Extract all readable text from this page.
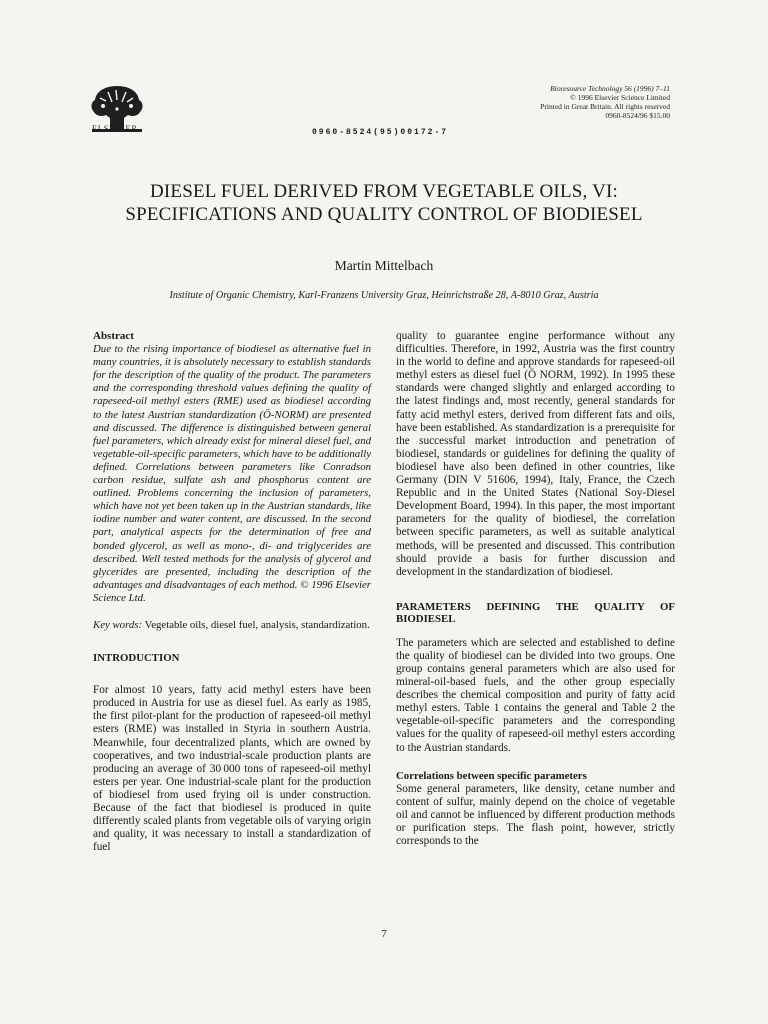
ELSEVIER	0960-8524(95)00172-7
Bioresource Technology 56 (1996) 7–11
© 1996 Elsevier Science Limited
Printed in Great Britain. All rights reserved
0960-8524/96 $15.00
DIESEL FUEL DERIVED FROM VEGETABLE OILS, VI:
SPECIFICATIONS AND QUALITY CONTROL OF BIODIESEL
Martin Mittelbach
Institute of Organic Chemistry, Karl-Franzens University Graz, Heinrichstraße 28, A-8010 Graz, Austria

Abstract

Due to the rising importance of biodiesel as alternative fuel in many countries, it is absolutely necessary to establish standards for the description of the quality of the product. The parameters and the corresponding threshold values defining the quality of rapeseed-oil methyl esters (RME) used as biodiesel according to the latest Austrian standardization (Ö-NORM) are presented and discussed. The difference is distinguished between general fuel parameters, which already exist for mineral diesel fuel, and vegetable-oil-specific parameters, which have to be additionally defined. Correlations between parameters like Conradson carbon residue, sulfate ash and phosphorus content are outlined. Problems concerning the inclusion of parameters, which have not yet been taken up in the Austrian standards, like iodine number and water content, are discussed. In the second part, analytical aspects for the determination of free and bonded glycerol, as well as mono-, di- and triglycerides are described. Well tested methods for the analysis of glycerol and glycerides are presented, including the description of the advantages and disadvantages of each method. © 1996 Elsevier Science Ltd.

Key words: Vegetable oils, diesel fuel, analysis, standardization.

INTRODUCTION

For almost 10 years, fatty acid methyl esters have been produced in Austria for use as diesel fuel. As early as 1985, the first pilot-plant for the production of rapeseed-oil methyl esters (RME) was installed in Styria in southern Austria. Meanwhile, four decentralized plants, which are owned by cooperatives, and two industrial-scale production plants are producing an average of 30 000 tons of rapeseed-oil methyl esters per year. One industrial-scale plant for the production of biodiesel from used frying oil is under construction. Because of the fact that biodiesel is produced in quite differently scaled plants from vegetable oils of varying origin and quality, it was necessary to install a standardization of fuel

quality to guarantee engine performance without any difficulties. Therefore, in 1992, Austria was the first country in the world to define and approve standards for rapeseed-oil methyl esters as diesel fuel (Ö NORM, 1992). In 1995 these standards were changed slightly and enlarged according to the latest findings and, most recently, general standards for fatty acid methyl esters, derived from different fats and oils, have been established. As standardization is a prerequisite for the successful market introduction and penetration of biodiesel, standards or guidelines for defining the quality of biodiesel have also been defined in other countries, like Germany (DIN V 51606, 1994), Italy, France, the Czech Republic and in the United States (National Soy-Diesel Development Board, 1994). In this paper, the most important parameters for the quality of biodiesel, the correlation between specific parameters, as well as suitable analytical methods, will be presented and discussed. This contribution should provide a basis for further discussion and development in the standardization of biodiesel.

PARAMETERS DEFINING THE QUALITY OF BIODIESEL

The parameters which are selected and established to define the quality of biodiesel can be divided into two groups. One group contains general parameters which are also used for mineral-oil-based fuels, and the other group especially describes the chemical composition and purity of fatty acid methyl esters. Table 1 contains the general and Table 2 the vegetable-oil-specific parameters and the corresponding values for the quality of rapeseed-oil methyl esters according to the Austrian standards.

Correlations between specific parameters

Some general parameters, like density, cetane number and content of sulfur, mainly depend on the choice of vegetable oil and cannot be influenced by different production methods or purification steps. The flash point, however, strictly corresponds to the

7
